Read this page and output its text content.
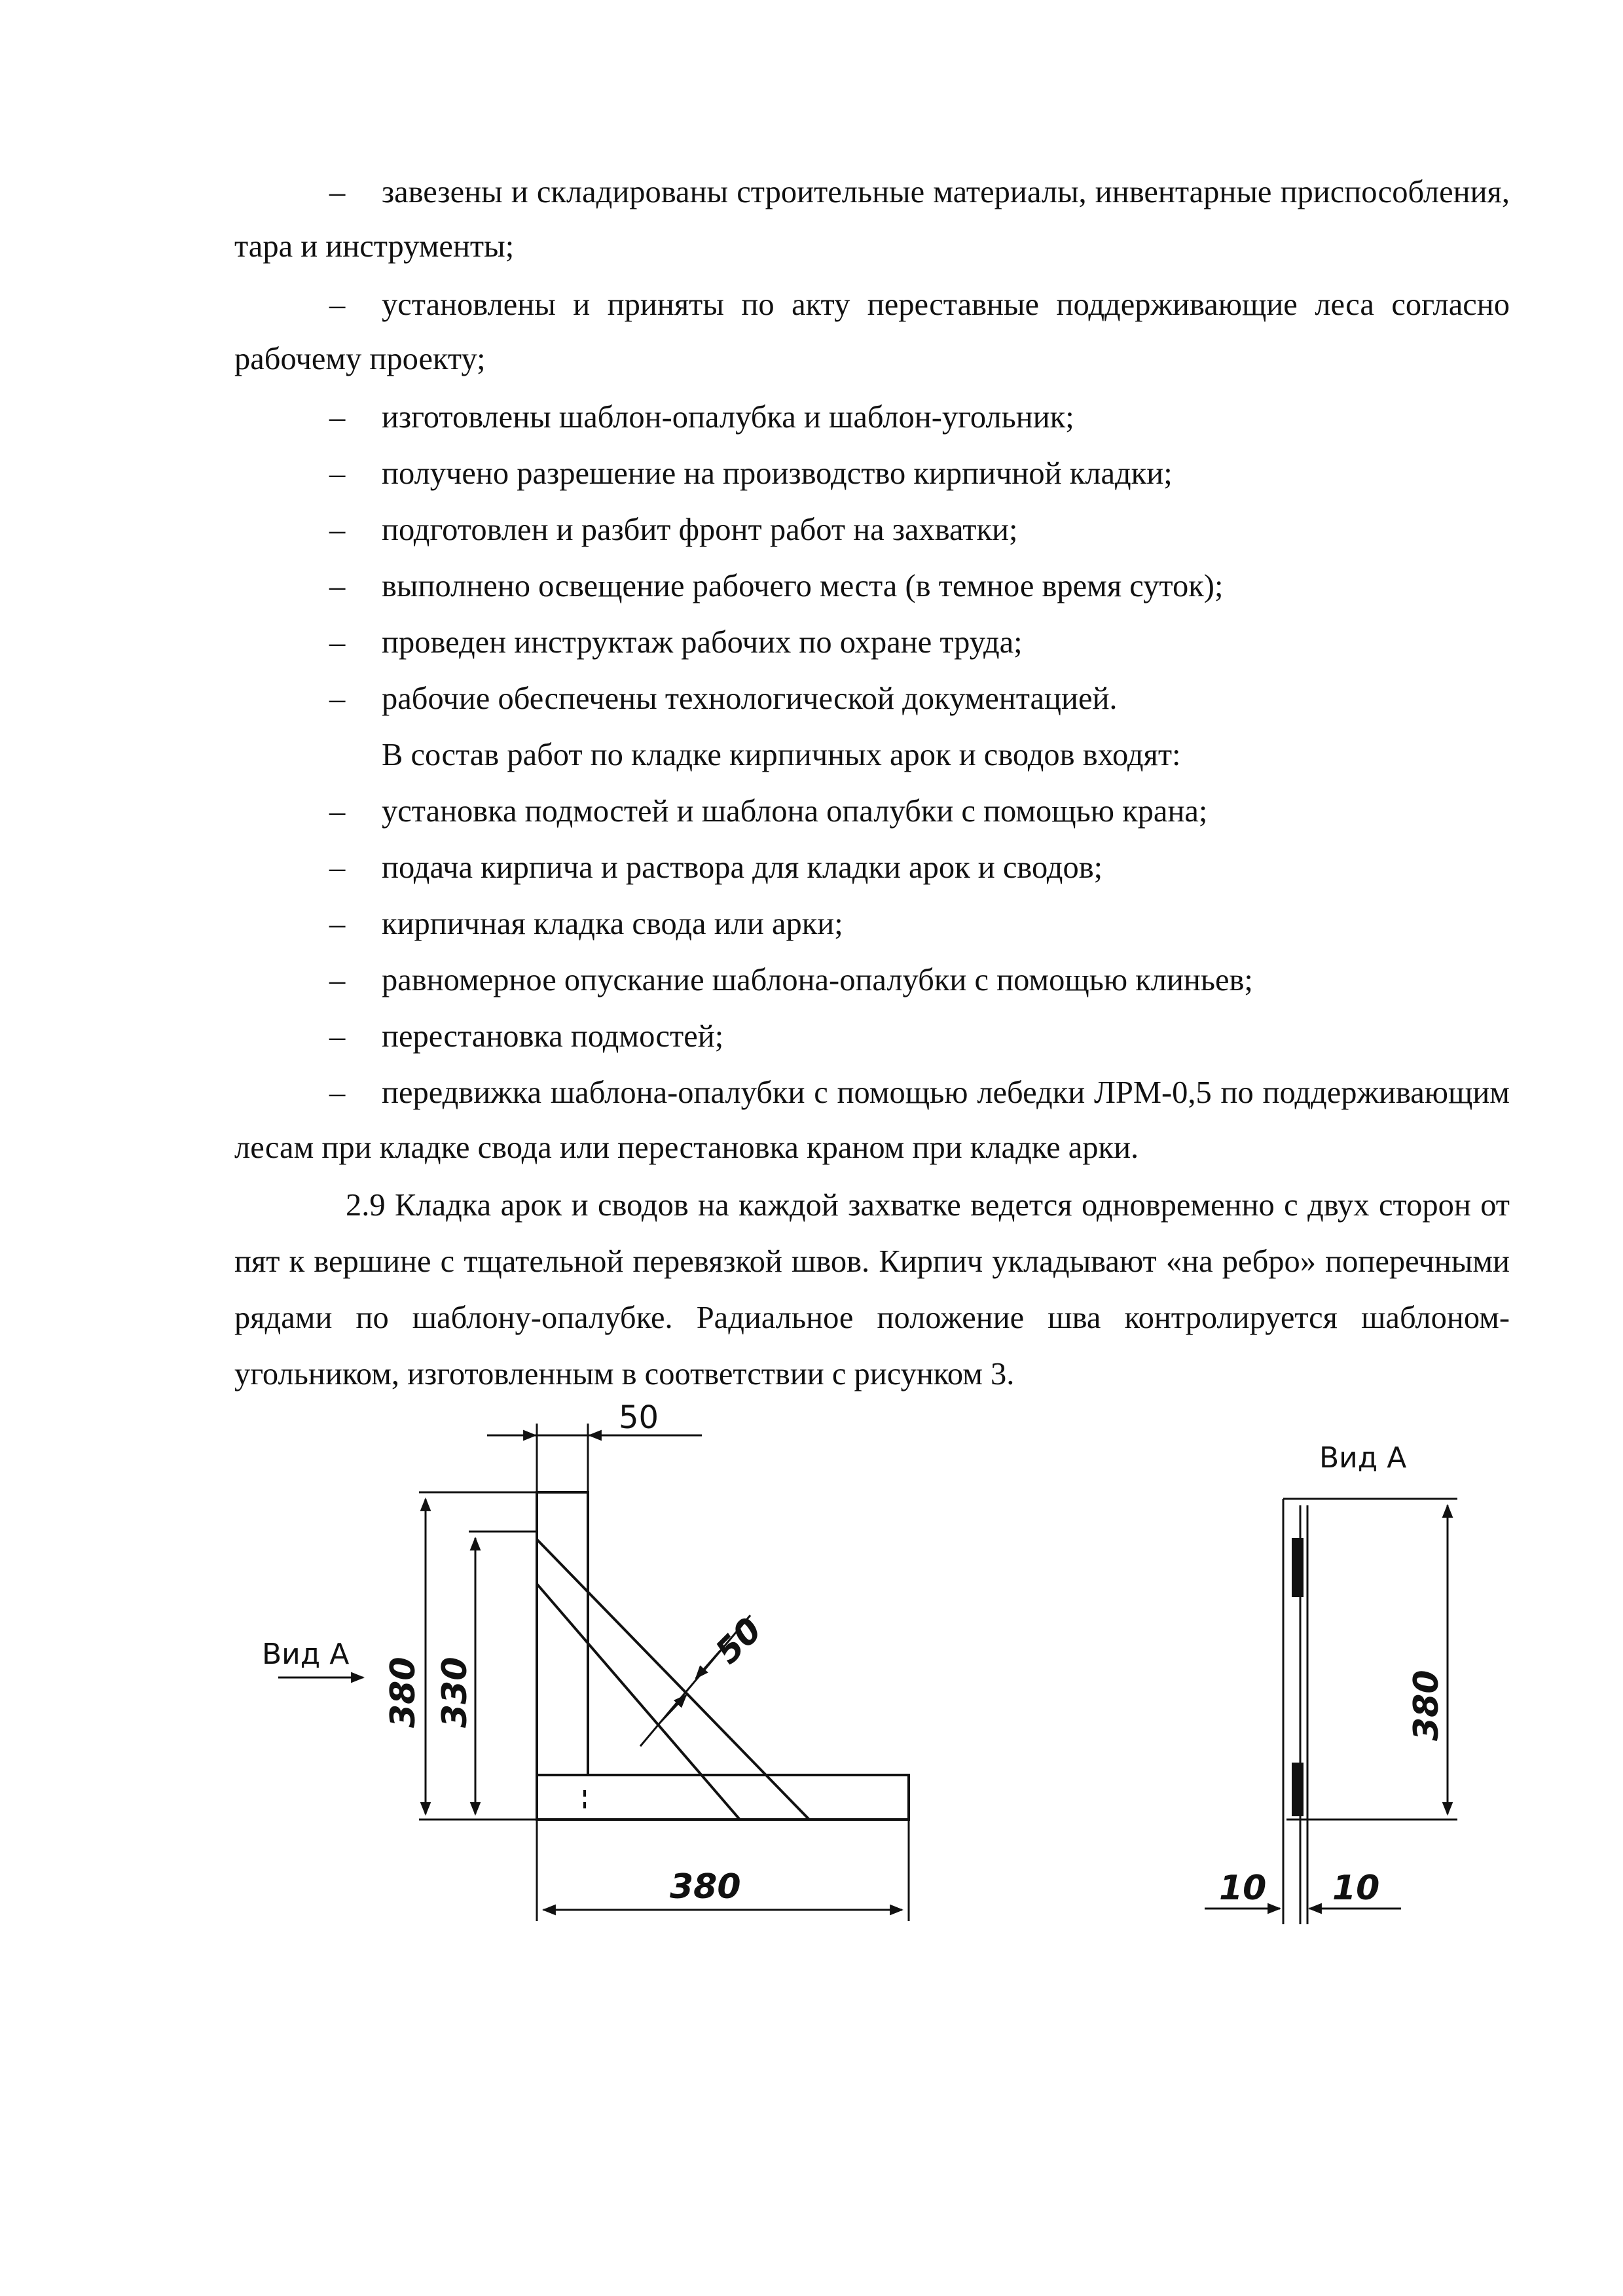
– завезены и складированы строительные материалы, инвентарные приспособления,
тара и инструменты;
– установлены и приняты по акту переставные поддерживающие леса согласно
рабочему проекту;
– изготовлены шаблон-опалубка и шаблон-угольник;
– получено разрешение на производство кирпичной кладки;
– подготовлен и разбит фронт работ на захватки;
– выполнено освещение рабочего места (в темное время суток);
– проведен инструктаж рабочих по охране труда;
– рабочие обеспечены технологической документацией.
В состав работ по кладке кирпичных арок и сводов входят:
– установка подмостей и шаблона опалубки с помощью крана;
– подача кирпича и раствора для кладки арок и сводов;
– кирпичная кладка свода или арки;
– равномерное опускание шаблона-опалубки с помощью клиньев;
– перестановка подмостей;
– передвижка шаблона-опалубки с помощью лебедки ЛРМ-0,5 по поддерживающим
лесам при кладке свода или перестановка краном при кладке арки.
2.9 Кладка арок и сводов на каждой захватке ведется одновременно с двух сторон от
пят к вершине с тщательной перевязкой швов. Кирпич укладывают «на ребро» поперечными
рядами по шаблону-опалубке. Радиальное положение шва контролируется шаблоном-
угольником, изготовленным в соответствии с рисунком 3.
Вид А
50
50
380 330
380
Вид А
380
10 10
